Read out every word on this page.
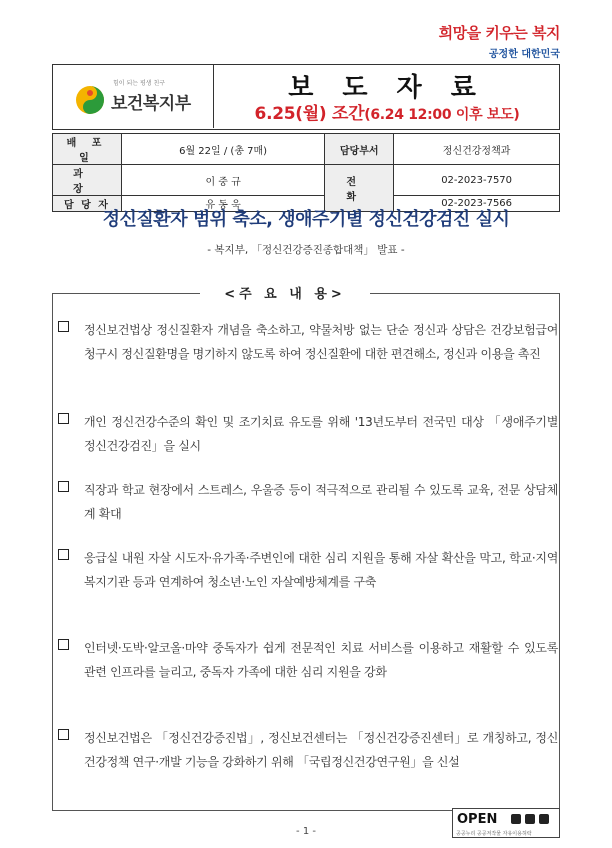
희망을 키우는 복지
공정한 대한민국
힘이 되는 평생 친구
보건복지부
보 도 자 료
6.25(월) 조간(6.24 12:00 이후 보도)
배 포 일	6월 22일 / (총 7매)	담당부서	정신건강정책과
과 장	이 중 규	전 화	02-2023-7570
담 당 자	유 동 욱		02-2023-7566
정신질환자 범위 축소, 생애주기별 정신건강검진 실시
- 복지부, 「정신건강증진종합대책」 발표 -
<주 요 내 용>
정신보건법상 정신질환자 개념을 축소하고, 약물처방 없는 단순 정신과 상담은 건강보험급여 청구시 정신질환명을 명기하지 않도록 하여 정신질환에 대한 편견해소, 정신과 이용을 촉진
개인 정신건강수준의 확인 및 조기치료 유도를 위해 '13년도부터 전국민 대상 「생애주기별 정신건강검진」을 실시
직장과 학교 현장에서 스트레스, 우울증 등이 적극적으로 관리될 수 있도록 교육, 전문 상담체계 확대
응급실 내원 자살 시도자·유가족·주변인에 대한 심리 지원을 통해 자살 확산을 막고, 학교·지역복지기관 등과 연계하여 청소년·노인 자살예방체계를 구축
인터넷·도박·알코올·마약 중독자가 쉽게 전문적인 치료 서비스를 이용하고 재활할 수 있도록 관련 인프라를 늘리고, 중독자 가족에 대한 심리 지원을 강화
정신보건법은 「정신건강증진법」, 정신보건센터는 「정신건강증진센터」로 개칭하고, 정신건강정책 연구·개발 기능을 강화하기 위해 「국립정신건강연구원」을 신설
- 1 -
OPEN
공공누리 공공저작물 자유이용허락
